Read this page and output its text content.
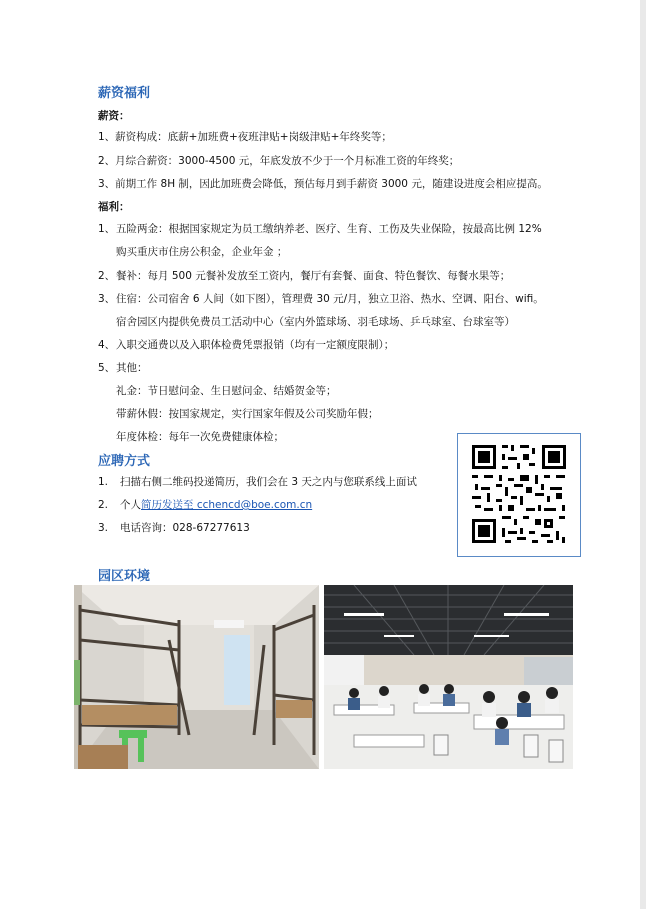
薪资福利
薪资：
1、薪资构成：底薪+加班费+夜班津贴+岗级津贴+年终奖等；
2、月综合薪资：3000-4500 元，年底发放不少于一个月标准工资的年终奖；
3、前期工作 8H 制，因此加班费会降低，预估每月到手薪资 3000 元，随建设进度会相应提高。
福利：
1、 五险两金：根据国家规定为员工缴纳养老、医疗、生育、工伤及失业保险，按最高比例 12%
购买重庆市住房公积金，企业年金 ；
2、 餐补：每月 500 元餐补发放至工资内，餐厅有套餐、面食、特色餐饮、每餐水果等；
3、 住宿：公司宿舍 6 人间（如下图），管理费 30 元/月，独立卫浴、热水、空调、阳台、wifi。
宿舍园区内提供免费员工活动中心（室内外篮球场、羽毛球场、乒乓球室、台球室等）
4、 入职交通费以及入职体检费凭票报销（均有一定额度限制）；
5、 其他：
礼金：节日慰问金、生日慰问金、结婚贺金等；
带薪休假：按国家规定，实行国家年假及公司奖励年假；
年度体检：每年一次免费健康体检；
应聘方式
1. 扫描右侧二维码投递简历，我们会在 3 天之内与您联系线上面试
2. 个人简历发送至 cchencd@boe.com.cn
3. 电话咨询：028-67277613
园区环境
